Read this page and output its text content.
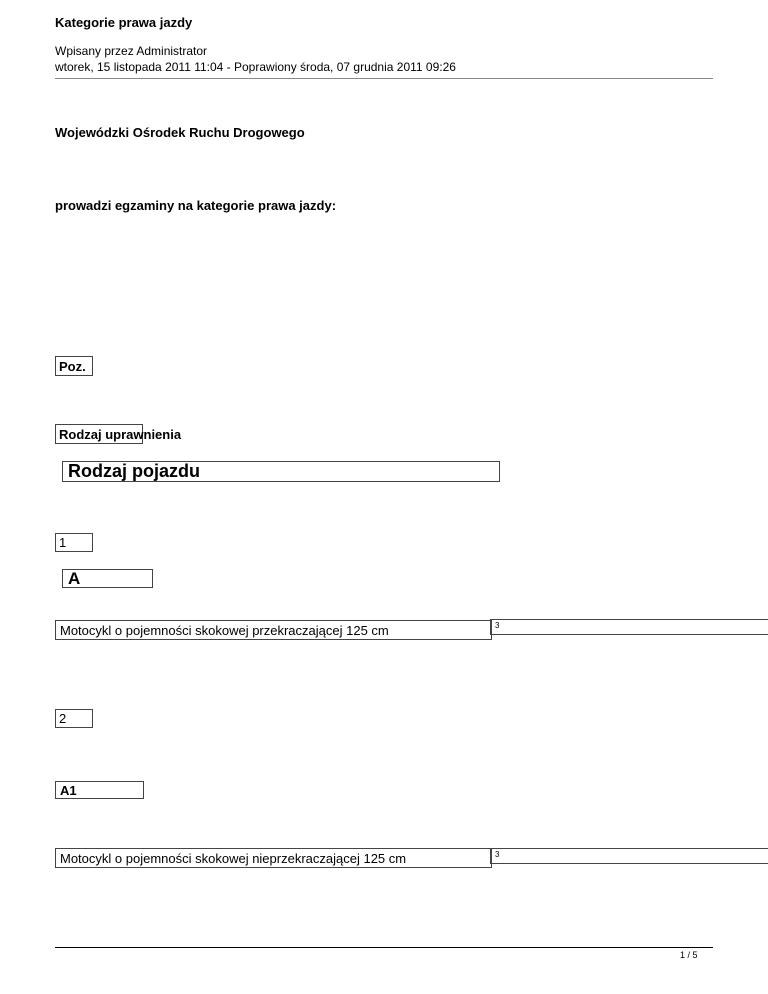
Kategorie prawa jazdy
Wpisany przez Administrator
wtorek, 15 listopada 2011 11:04 - Poprawiony środa, 07 grudnia 2011 09:26
Wojewódzki Ośrodek Ruchu Drogowego
prowadzi egzaminy na kategorie prawa jazdy:
Poz.
Rodzaj uprawnienia
Rodzaj pojazdu
1
A
Motocykl o pojemności skokowej przekraczającej 125 cm	3
2
A1
Motocykl o pojemności skokowej nieprzekraczającej 125 cm	3
1 / 5
